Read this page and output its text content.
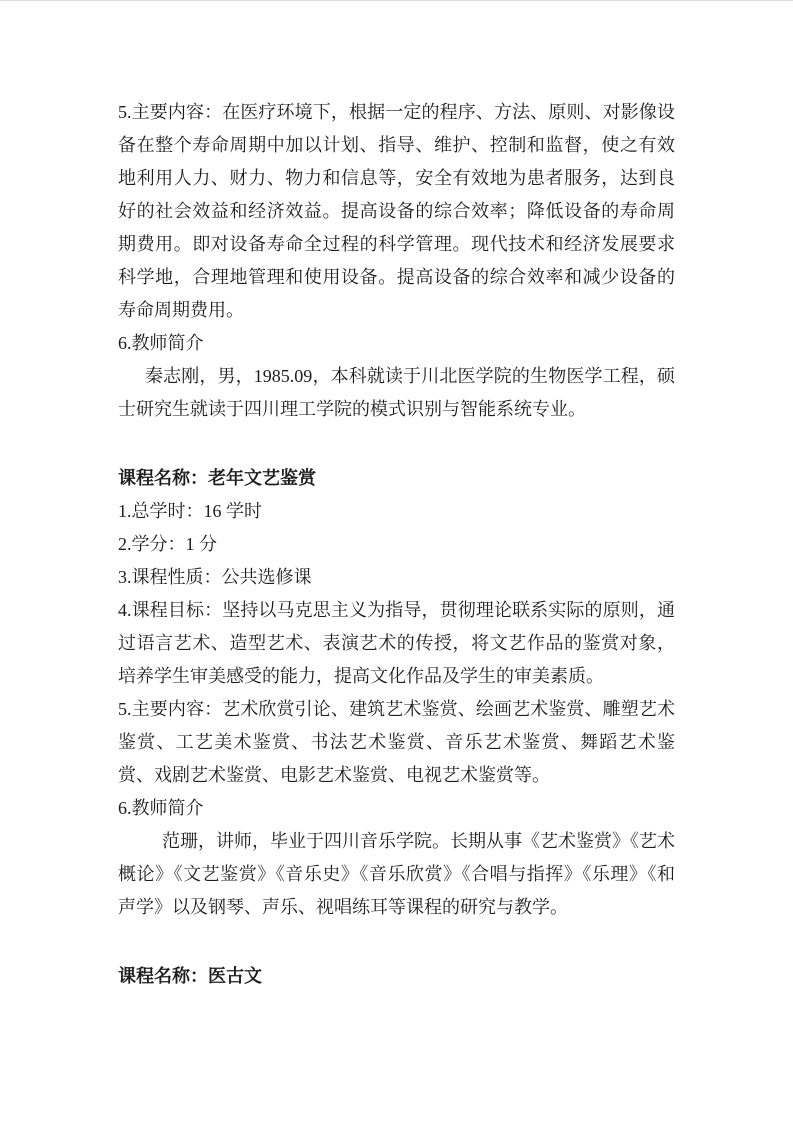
5.主要内容：在医疗环境下，根据一定的程序、方法、原则、对影像设备在整个寿命周期中加以计划、指导、维护、控制和监督，使之有效地利用人力、财力、物力和信息等，安全有效地为患者服务，达到良好的社会效益和经济效益。提高设备的综合效率；降低设备的寿命周期费用。即对设备寿命全过程的科学管理。现代技术和经济发展要求科学地，合理地管理和使用设备。提高设备的综合效率和减少设备的寿命周期费用。

6.教师简介

秦志刚，男，1985.09，本科就读于川北医学院的生物医学工程，硕士研究生就读于四川理工学院的模式识别与智能系统专业。

课程名称：老年文艺鉴赏

1.总学时：16 学时

2.学分：1 分

3.课程性质：公共选修课

4.课程目标：坚持以马克思主义为指导，贯彻理论联系实际的原则，通过语言艺术、造型艺术、表演艺术的传授，将文艺作品的鉴赏对象，培养学生审美感受的能力，提高文化作品及学生的审美素质。

5.主要内容：艺术欣赏引论、建筑艺术鉴赏、绘画艺术鉴赏、雕塑艺术鉴赏、工艺美术鉴赏、书法艺术鉴赏、音乐艺术鉴赏、舞蹈艺术鉴赏、戏剧艺术鉴赏、电影艺术鉴赏、电视艺术鉴赏等。

6.教师简介

范珊，讲师，毕业于四川音乐学院。长期从事《艺术鉴赏》《艺术概论》《文艺鉴赏》《音乐史》《音乐欣赏》《合唱与指挥》《乐理》《和声学》以及钢琴、声乐、视唱练耳等课程的研究与教学。

课程名称：医古文
